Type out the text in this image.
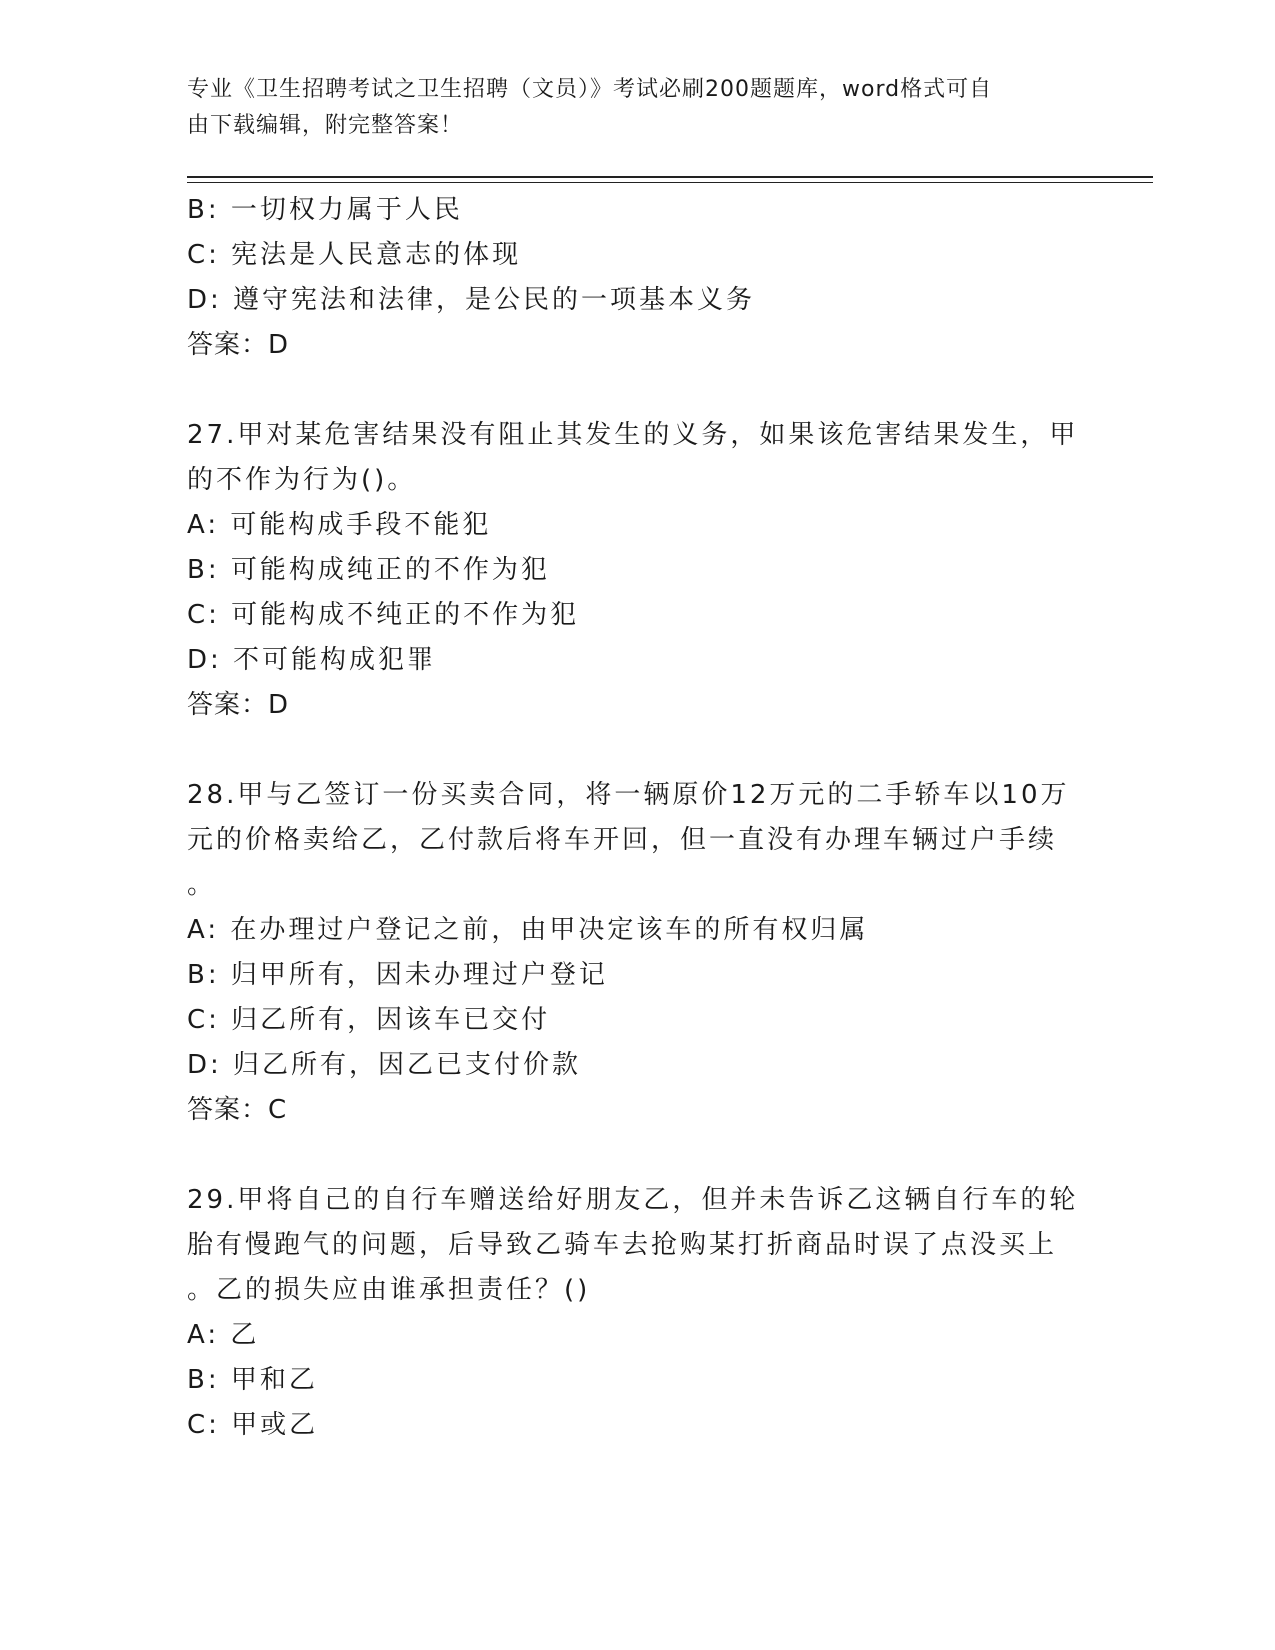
专业《卫生招聘考试之卫生招聘（文员）》考试必刷200题题库，word格式可自
由下载编辑，附完整答案！
B: 一切权力属于人民
C: 宪法是人民意志的体现
D: 遵守宪法和法律，是公民的一项基本义务
答案：D
27.甲对某危害结果没有阻止其发生的义务，如果该危害结果发生，甲
的不作为行为()。
A: 可能构成手段不能犯
B: 可能构成纯正的不作为犯
C: 可能构成不纯正的不作为犯
D: 不可能构成犯罪
答案：D
28.甲与乙签订一份买卖合同，将一辆原价12万元的二手轿车以10万
元的价格卖给乙，乙付款后将车开回，但一直没有办理车辆过户手续
。
A: 在办理过户登记之前，由甲决定该车的所有权归属
B: 归甲所有，因未办理过户登记
C: 归乙所有，因该车已交付
D: 归乙所有，因乙已支付价款
答案：C
29.甲将自己的自行车赠送给好朋友乙，但并未告诉乙这辆自行车的轮
胎有慢跑气的问题，后导致乙骑车去抢购某打折商品时误了点没买上
。乙的损失应由谁承担责任？()
A: 乙
B: 甲和乙
C: 甲或乙
